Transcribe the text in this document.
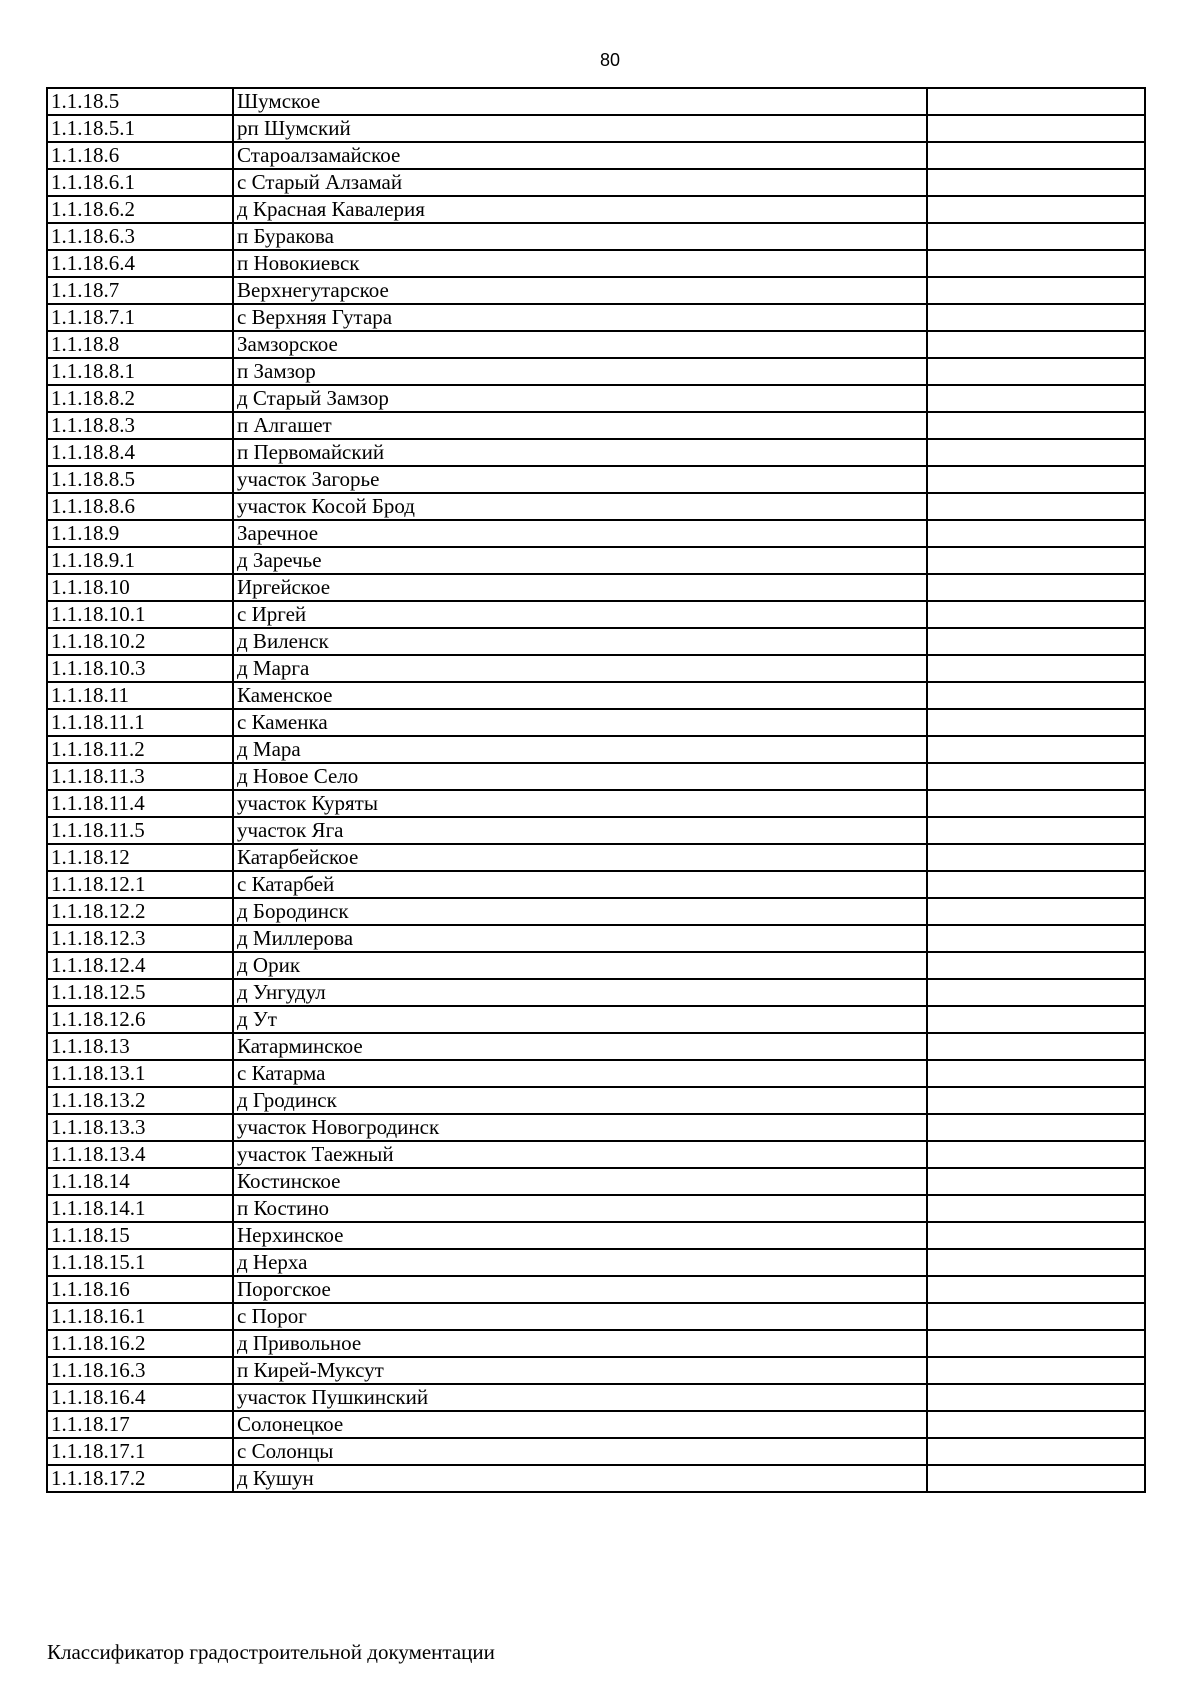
80
1.1.18.5	Шумское	
1.1.18.5.1	рп Шумский	
1.1.18.6	Староалзамайское	
1.1.18.6.1	с Старый Алзамай	
1.1.18.6.2	д Красная Кавалерия	
1.1.18.6.3	п Буракова	
1.1.18.6.4	п Новокиевск	
1.1.18.7	Верхнегутарское	
1.1.18.7.1	с Верхняя Гутара	
1.1.18.8	Замзорское	
1.1.18.8.1	п Замзор	
1.1.18.8.2	д Старый Замзор	
1.1.18.8.3	п Алгашет	
1.1.18.8.4	п Первомайский	
1.1.18.8.5	участок Загорье	
1.1.18.8.6	участок Косой Брод	
1.1.18.9	Заречное	
1.1.18.9.1	д Заречье	
1.1.18.10	Иргейское	
1.1.18.10.1	с Иргей	
1.1.18.10.2	д Виленск	
1.1.18.10.3	д Марга	
1.1.18.11	Каменское	
1.1.18.11.1	с Каменка	
1.1.18.11.2	д Мара	
1.1.18.11.3	д Новое Село	
1.1.18.11.4	участок Куряты	
1.1.18.11.5	участок Яга	
1.1.18.12	Катарбейское	
1.1.18.12.1	с Катарбей	
1.1.18.12.2	д Бородинск	
1.1.18.12.3	д Миллерова	
1.1.18.12.4	д Орик	
1.1.18.12.5	д Унгудул	
1.1.18.12.6	д Ут	
1.1.18.13	Катарминское	
1.1.18.13.1	с Катарма	
1.1.18.13.2	д Гродинск	
1.1.18.13.3	участок Новогродинск	
1.1.18.13.4	участок Таежный	
1.1.18.14	Костинское	
1.1.18.14.1	п Костино	
1.1.18.15	Нерхинское	
1.1.18.15.1	д Нерха	
1.1.18.16	Порогское	
1.1.18.16.1	с Порог	
1.1.18.16.2	д Привольное	
1.1.18.16.3	п Кирей-Муксут	
1.1.18.16.4	участок Пушкинский	
1.1.18.17	Солонецкое	
1.1.18.17.1	с Солонцы	
1.1.18.17.2	д Кушун	
Классификатор градостроительной документации
